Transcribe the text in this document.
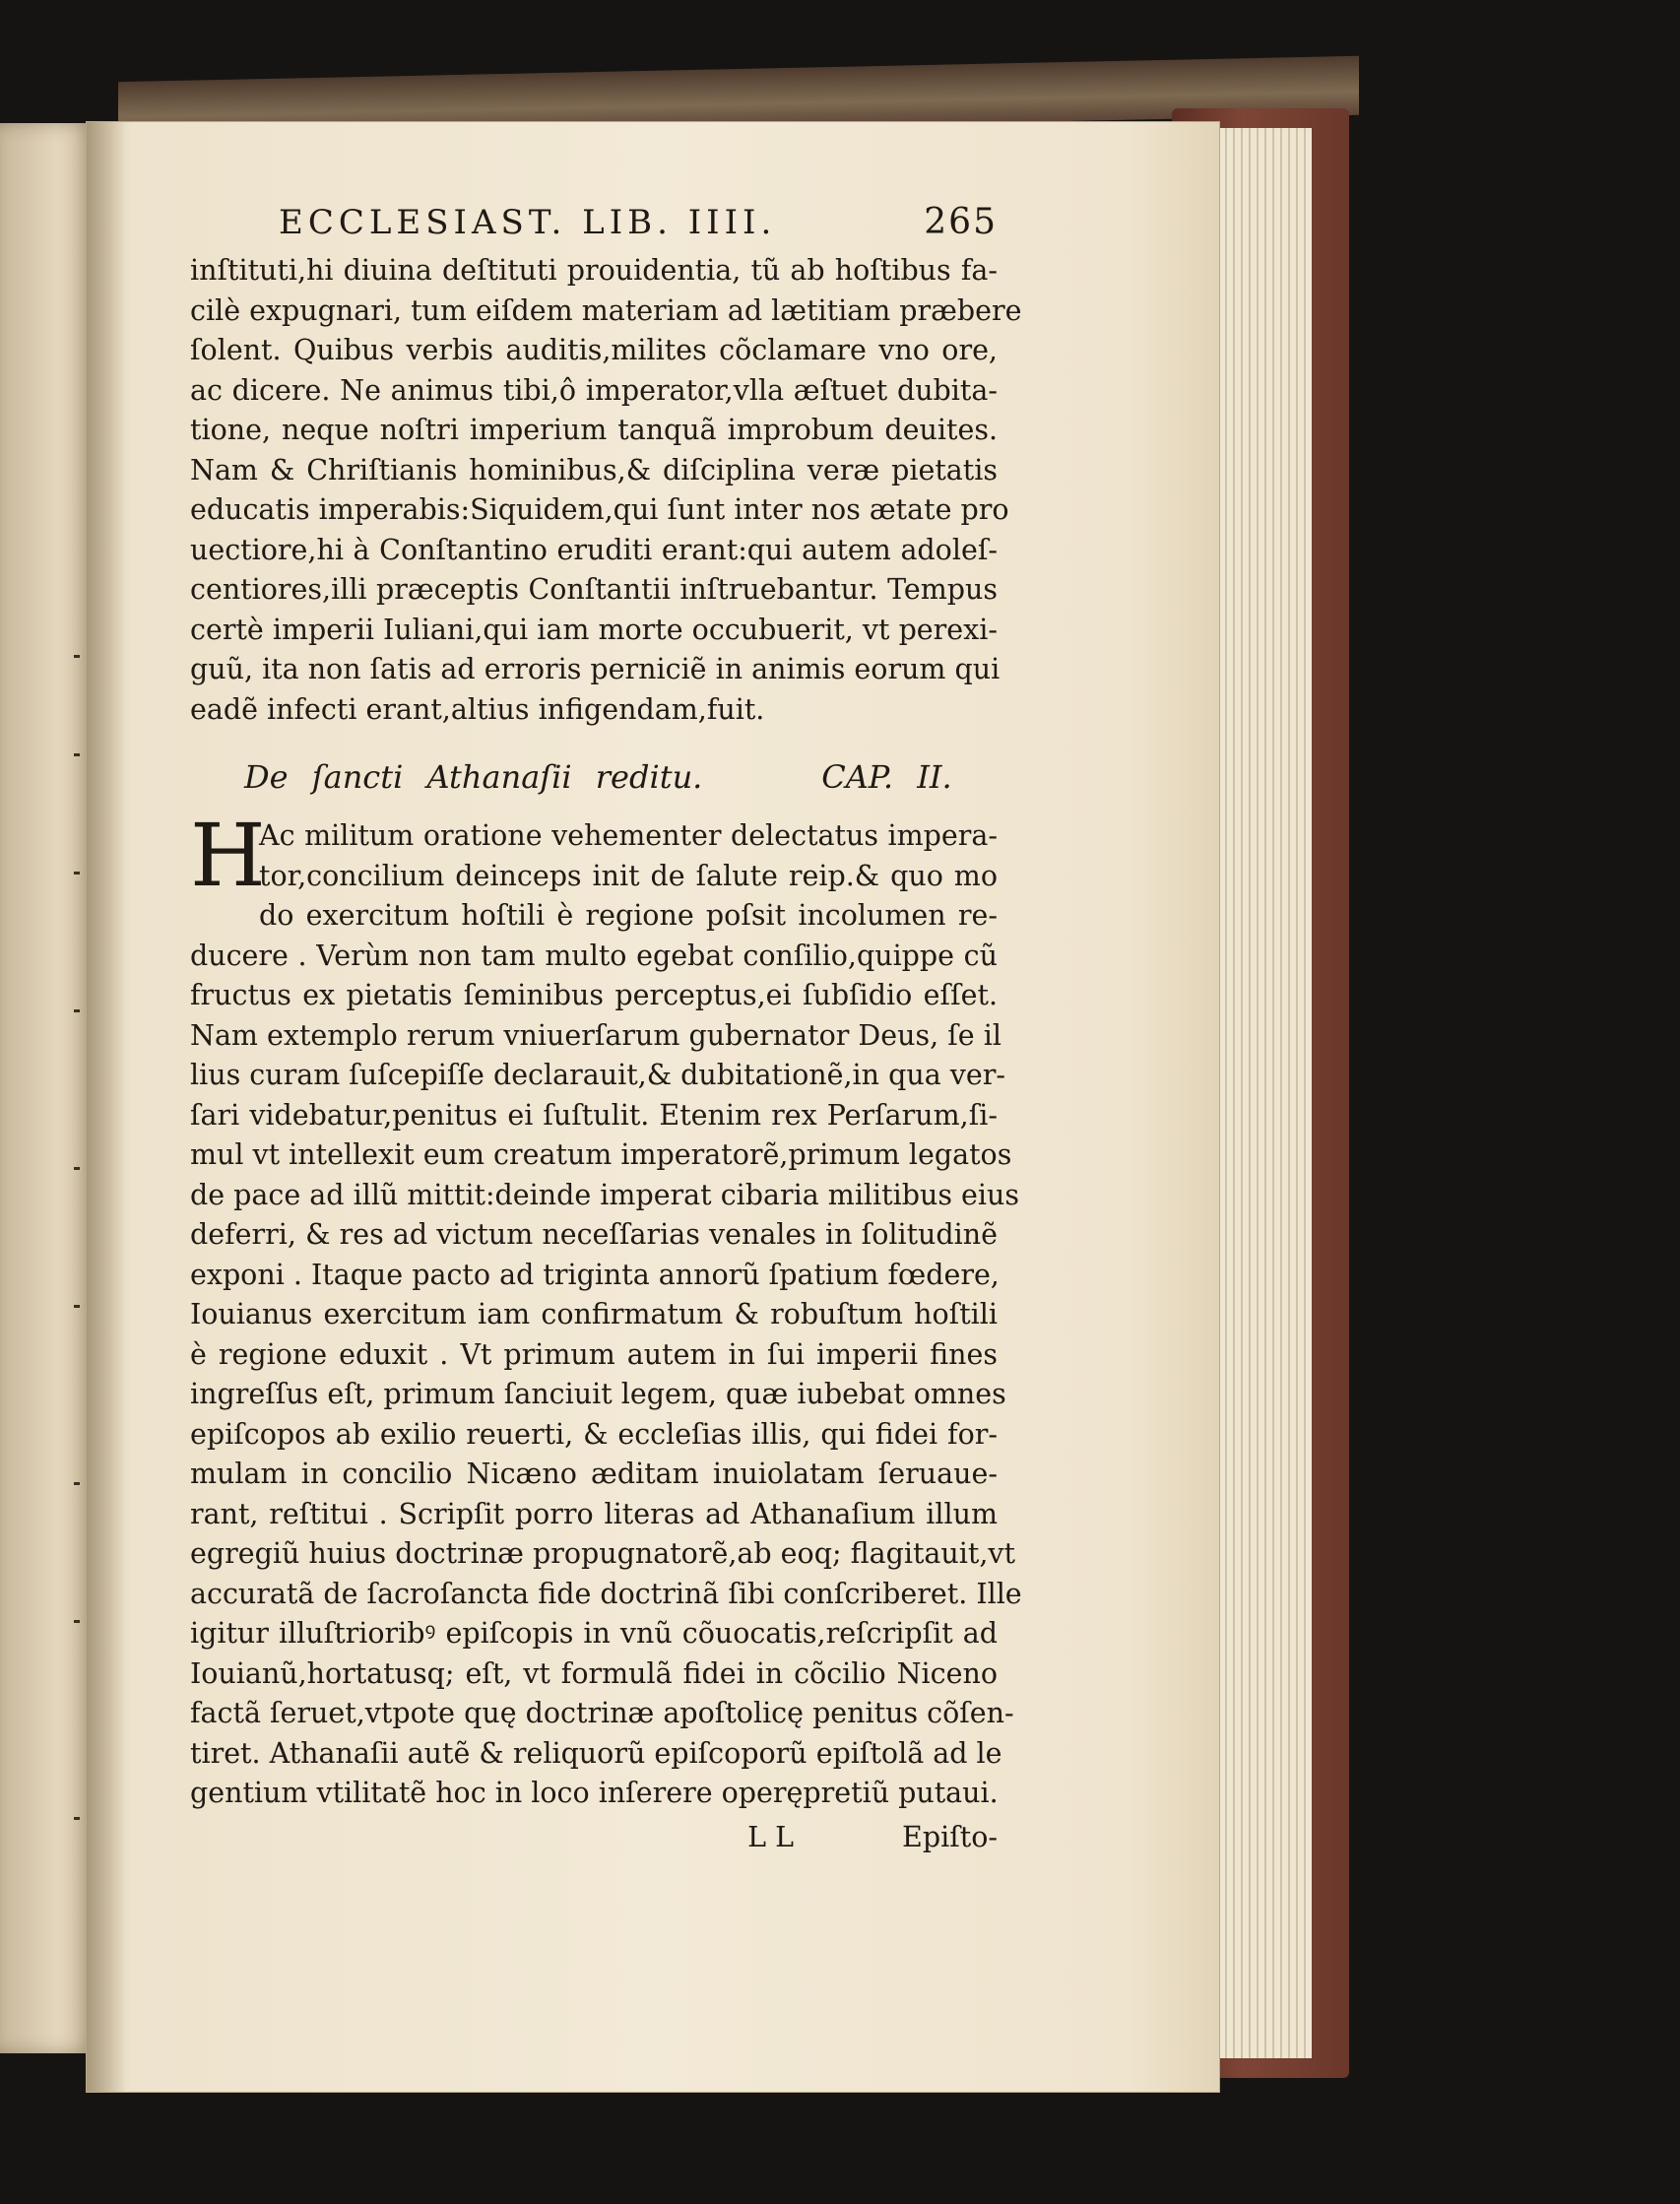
ECCLESIAST. LIB. IIII.	265
inſtituti,hi diuina deſtituti prouidentia, tũ ab hoſtibus fa-
cilè expugnari, tum eiſdem materiam ad lætitiam præbere
ſolent. Quibus verbis auditis,milites cõclamare vno ore,
ac dicere. Ne animus tibi,ô imperator,vlla æſtuet dubita-
tione, neque noſtri imperium tanquã improbum deuites.
Nam & Chriſtianis hominibus,& diſciplina veræ pietatis
educatis imperabis:Siquidem,qui ſunt inter nos ætate pro
uectiore,hi à Conſtantino eruditi erant:qui autem adoleſ-
centiores,illi præceptis Conſtantii inſtruebantur. Tempus
certè imperii Iuliani,qui iam morte occubuerit, vt perexi-
guũ, ita non ſatis ad erroris perniciẽ in animis eorum qui
eadẽ infecti erant,altius infigendam,fuit.
De ſancti Athanaſii reditu.	CAP. II.
H
Ac militum oratione vehementer delectatus impera-
tor,concilium deinceps init de ſalute reip.& quo mo
do exercitum hoſtili è regione poſsit incolumen re-
ducere . Verùm non tam multo egebat conſilio,quippe cũ
fructus ex pietatis ſeminibus perceptus,ei ſubſidio eſſet.
Nam extemplo rerum vniuerſarum gubernator Deus, ſe il
lius curam ſuſcepiſſe declarauit,& dubitationẽ,in qua ver-
ſari videbatur,penitus ei ſuſtulit. Etenim rex Perſarum,ſi-
mul vt intellexit eum creatum imperatorẽ,primum legatos
de pace ad illũ mittit:deinde imperat cibaria militibus eius
deferri, & res ad victum neceſſarias venales in ſolitudinẽ
exponi . Itaque pacto ad triginta annorũ ſpatium fœdere,
Iouianus exercitum iam confirmatum & robuſtum hoſtili
è regione eduxit . Vt primum autem in ſui imperii fines
ingreſſus eſt, primum ſanciuit legem, quæ iubebat omnes
epiſcopos ab exilio reuerti, & eccleſias illis, qui fidei for-
mulam in concilio Nicæno æditam inuiolatam ſeruaue-
rant, reſtitui . Scripſit porro literas ad Athanaſium illum
egregiũ huius doctrinæ propugnatorẽ,ab eoq; flagitauit,vt
accuratã de ſacroſancta fide doctrinã ſibi conſcriberet. Ille
igitur illuſtrioribꝰ epiſcopis in vnũ cõuocatis,reſcripſit ad
Iouianũ,hortatusq; eſt, vt formulã fidei in cõcilio Niceno
factã ſeruet,vtpote quę doctrinæ apoſtolicę penitus cõſen-
tiret. Athanaſii autẽ & reliquorũ epiſcoporũ epiſtolã ad le
gentium vtilitatẽ hoc in loco inſerere operępretiũ putaui.
L L	Epiſto-
